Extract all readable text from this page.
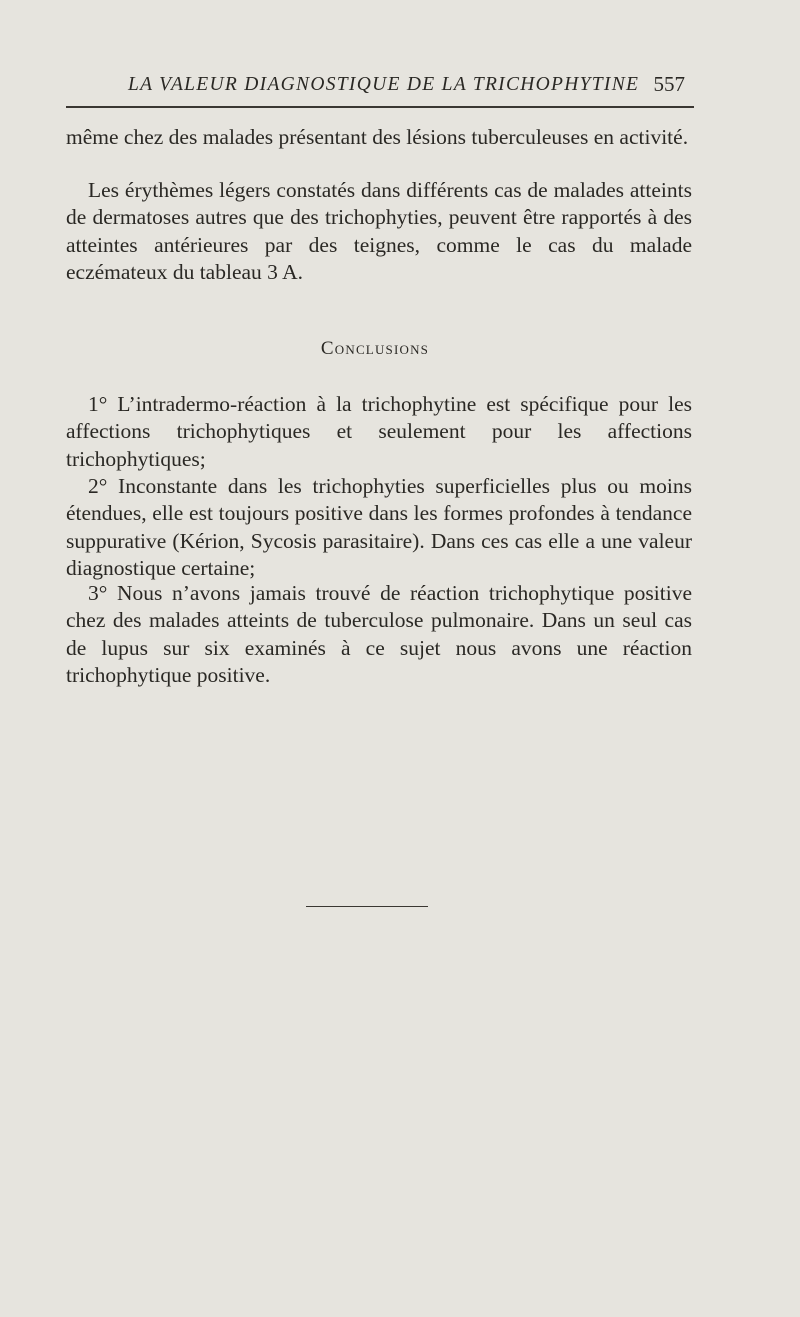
LA VALEUR DIAGNOSTIQUE DE LA TRICHOPHYTINE 557

même chez des malades présentant des lésions tuberculeuses en activité.

Les érythèmes légers constatés dans différents cas de malades atteints de dermatoses autres que des trichophyties, peuvent être rapportés à des atteintes antérieures par des teignes, comme le cas du malade eczémateux du tableau 3 A.

Conclusions

1° L’intradermo-réaction à la trichophytine est spécifique pour les affections trichophytiques et seulement pour les affections trichophytiques;

2° Inconstante dans les trichophyties superficielles plus ou moins étendues, elle est toujours positive dans les formes profondes à tendance suppurative (Kérion, Sycosis parasitaire). Dans ces cas elle a une valeur diagnostique certaine;

3° Nous n’avons jamais trouvé de réaction trichophytique positive chez des malades atteints de tuberculose pulmonaire. Dans un seul cas de lupus sur six examinés à ce sujet nous avons une réaction trichophytique positive.
